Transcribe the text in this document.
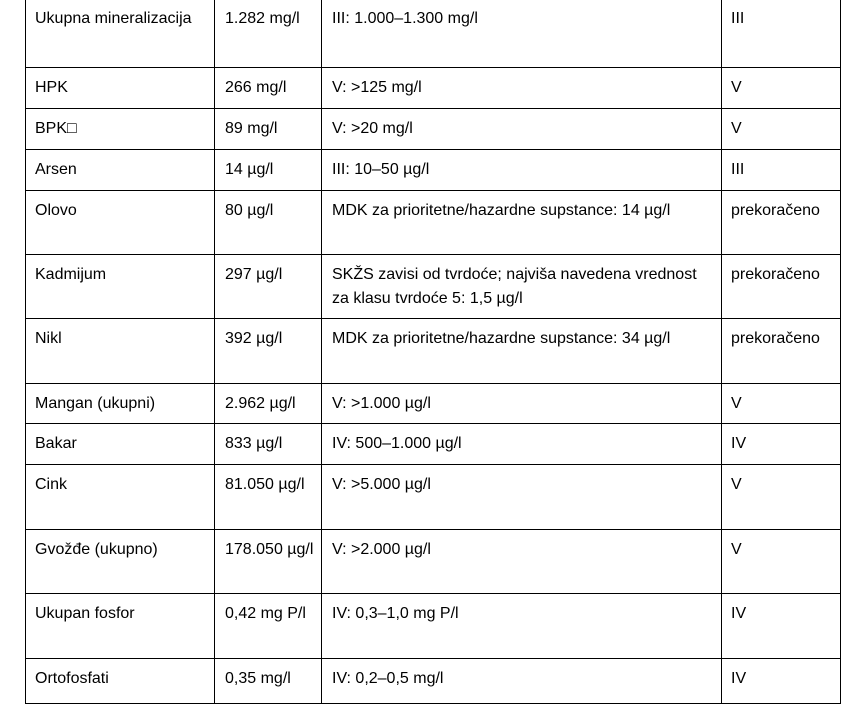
Ukupna mineralizacija	1.282 mg/l	III: 1.000–1.300 mg/l	III
HPK	266 mg/l	V: >125 mg/l	V
BPK□	89 mg/l	V: >20 mg/l	V
Arsen	14 µg/l	III: 10–50 µg/l	III
Olovo	80 µg/l	MDK za prioritetne/hazardne supstance: 14 µg/l	prekoračeno
Kadmijum	297 µg/l	SKŽS zavisi od tvrdoće; najviša navedena vrednost za klasu tvrdoće 5: 1,5 µg/l	prekoračeno
Nikl	392 µg/l	MDK za prioritetne/hazardne supstance: 34 µg/l	prekoračeno
Mangan (ukupni)	2.962 µg/l	V: >1.000 µg/l	V
Bakar	833 µg/l	IV: 500–1.000 µg/l	IV
Cink	81.050 µg/l	V: >5.000 µg/l	V
Gvožđe (ukupno)	178.050 µg/l	V: >2.000 µg/l	V
Ukupan fosfor	0,42 mg P/l	IV: 0,3–1,0 mg P/l	IV
Ortofosfati	0,35 mg/l	IV: 0,2–0,5 mg/l	IV
